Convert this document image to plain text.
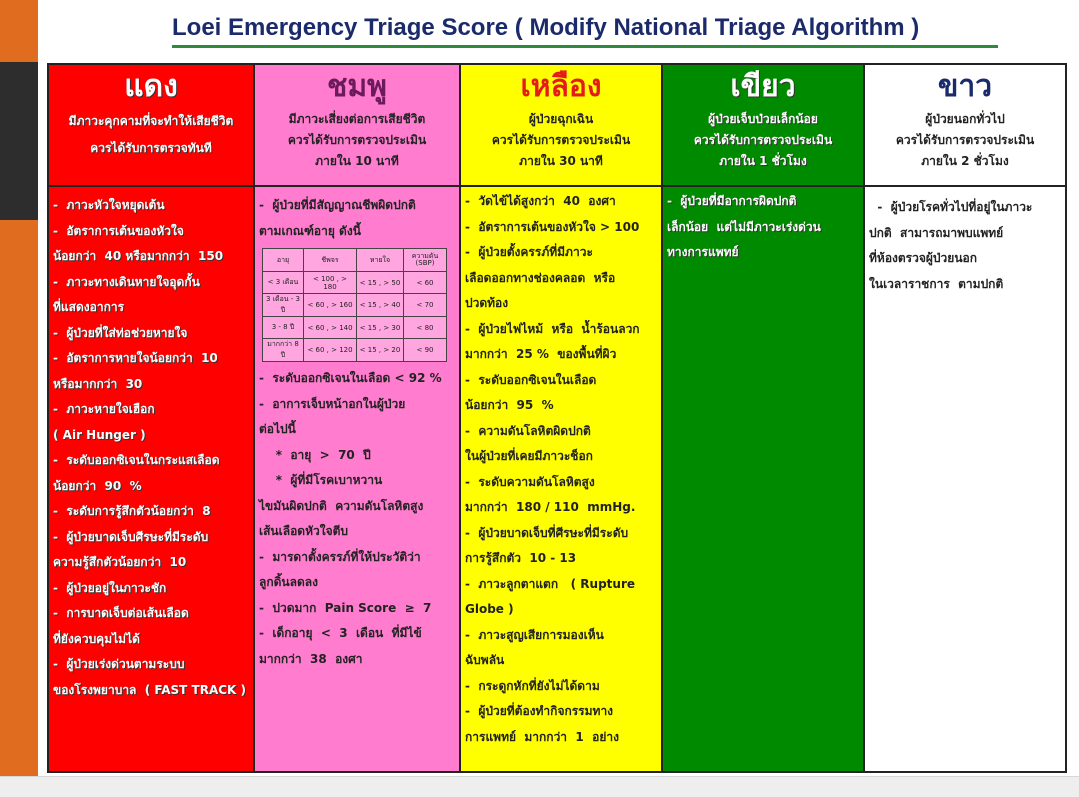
Loei Emergency Triage Score ( Modify National Triage Algorithm )
แดง
มีภาวะคุกคามที่จะทำให้เสียชีวิต
ควรได้รับการตรวจทันที
-  ภาวะหัวใจหยุดเต้น
-  อัตราการเต้นของหัวใจ
น้อยกว่า  40 หรือมากกว่า  150
-  ภาวะทางเดินหายใจอุดกั้น
ที่แสดงอาการ
-  ผู้ป่วยที่ใส่ท่อช่วยหายใจ
-  อัตราการหายใจน้อยกว่า  10
หรือมากกว่า  30
-  ภาวะหายใจเฮือก
( Air Hunger )
-  ระดับออกซิเจนในกระแสเลือด
น้อยกว่า  90  %
-  ระดับการรู้สึกตัวน้อยกว่า  8
-  ผู้ป่วยบาดเจ็บศีรษะที่มีระดับ
ความรู้สึกตัวน้อยกว่า  10
-  ผู้ป่วยอยู่ในภาวะชัก
-  การบาดเจ็บต่อเส้นเลือด
ที่ยังควบคุมไม่ได้
-  ผู้ป่วยเร่งด่วนตามระบบ
ของโรงพยาบาล  ( FAST TRACK )
ชมพู
มีภาวะเสี่ยงต่อการเสียชีวิต
ควรได้รับการตรวจประเมิน
ภายใน 10 นาที
-  ผู้ป่วยที่มีสัญญาณชีพผิดปกติ
ตามเกณฑ์อายุ ดังนี้
อายุ	ชีพจร	หายใจ	ความดัน
(SBP)
< 3 เดือน	< 100 , > 180	< 15 , > 50	< 60
3 เดือน - 3 ปี	< 60 , > 160	< 15 , > 40	< 70
3 - 8 ปี	< 60 , > 140	< 15 , > 30	< 80
มากกว่า 8 ปี	< 60 , > 120	< 15 , > 20	< 90
-  ระดับออกซิเจนในเลือด < 92 %
-  อาการเจ็บหน้าอกในผู้ป่วย
ต่อไปนี้
*  อายุ  >  70  ปี
*  ผู้ที่มีโรคเบาหวาน
ไขมันผิดปกติ  ความดันโลหิตสูง
เส้นเลือดหัวใจตีบ
-  มารดาตั้งครรภ์ที่ให้ประวัติว่า
ลูกดิ้นลดลง
-  ปวดมาก  Pain Score  ≥  7
-  เด็กอายุ  <  3  เดือน  ที่มีไข้
มากกว่า  38  องศา
เหลือง
ผู้ป่วยฉุกเฉิน
ควรได้รับการตรวจประเมิน
ภายใน 30 นาที
-  วัดไข้ได้สูงกว่า  40  องศา
-  อัตราการเต้นของหัวใจ > 100
-  ผู้ป่วยตั้งครรภ์ที่มีภาวะ
เลือดออกทางช่องคลอด  หรือ
ปวดท้อง
-  ผู้ป่วยไฟไหม้  หรือ  น้ำร้อนลวก
มากกว่า  25 %  ของพื้นที่ผิว
-  ระดับออกซิเจนในเลือด
น้อยกว่า  95  %
-  ความดันโลหิตผิดปกติ
ในผู้ป่วยที่เคยมีภาวะช็อก
-  ระดับความดันโลหิตสูง
มากกว่า  180 / 110  mmHg.
-  ผู้ป่วยบาดเจ็บที่ศีรษะที่มีระดับ
การรู้สึกตัว  10 - 13
-  ภาวะลูกตาแตก   ( Rupture
Globe )
-  ภาวะสูญเสียการมองเห็น
ฉับพลัน
-  กระดูกหักที่ยังไม่ได้ดาม
-  ผู้ป่วยที่ต้องทำกิจกรรมทาง
การแพทย์  มากกว่า  1  อย่าง
เขียว
ผู้ป่วยเจ็บป่วยเล็กน้อย
ควรได้รับการตรวจประเมิน
ภายใน 1 ชั่วโมง
-  ผู้ป่วยที่มีอาการผิดปกติ
เล็กน้อย  แต่ไม่มีภาวะเร่งด่วน
ทางการแพทย์
ขาว
ผู้ป่วยนอกทั่วไป
ควรได้รับการตรวจประเมิน
ภายใน 2 ชั่วโมง
-  ผู้ป่วยโรคทั่วไปที่อยู่ในภาวะ
ปกติ  สามารถมาพบแพทย์
ที่ห้องตรวจผู้ป่วยนอก
ในเวลาราชการ  ตามปกติ
